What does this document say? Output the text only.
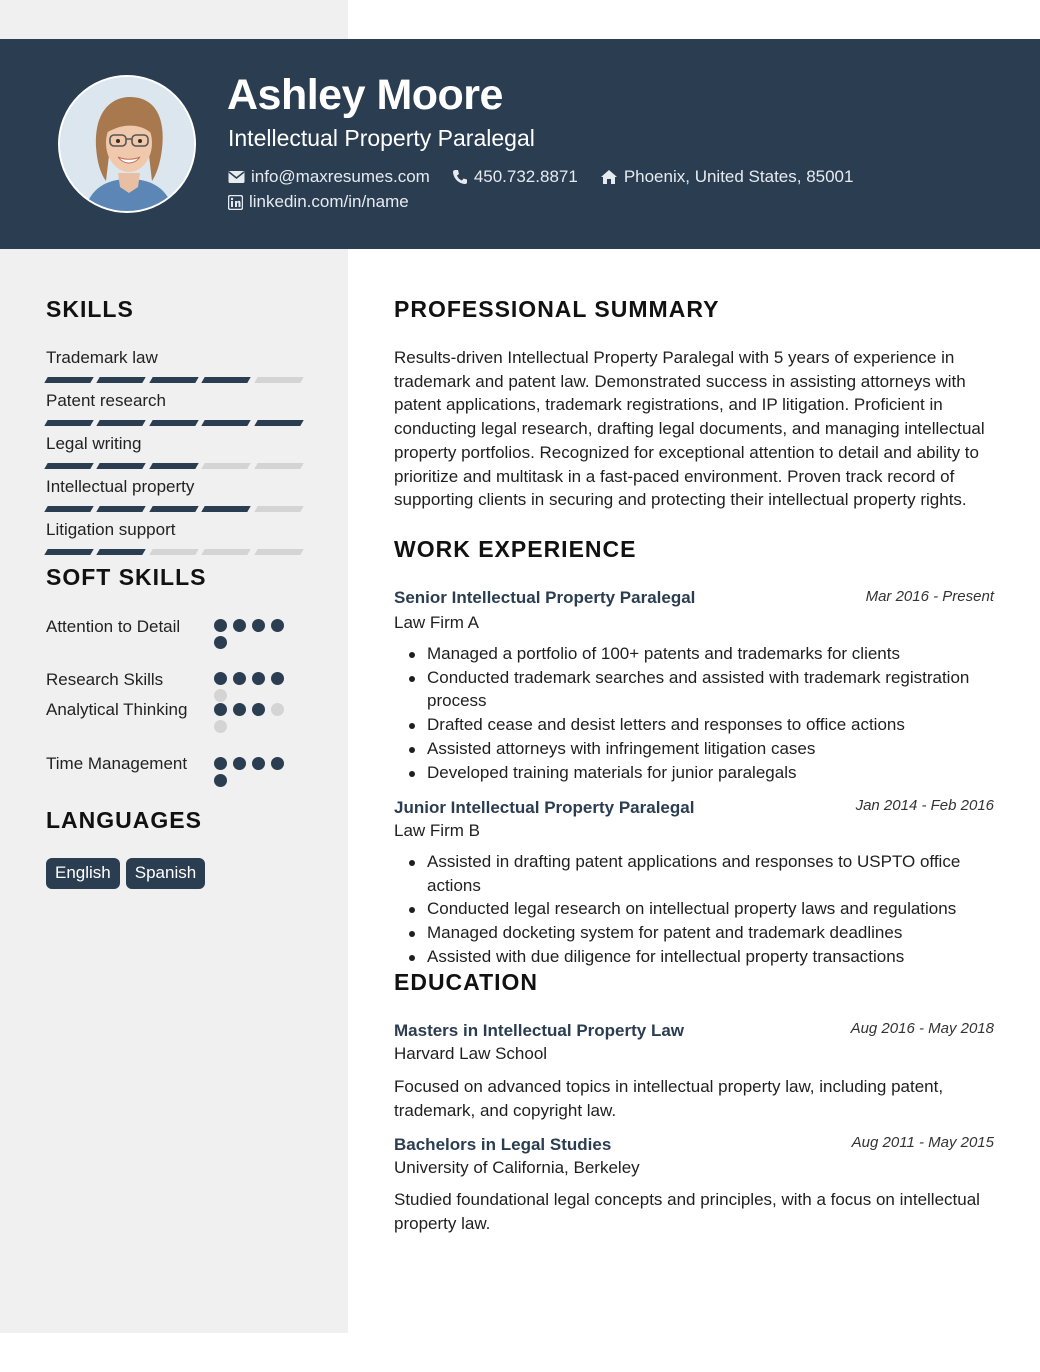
Ashley Moore
Intellectual Property Paralegal
info@maxresumes.com	450.732.8871	Phoenix, United States, 85001
linkedin.com/in/name
SKILLS
Trademark law
Patent research
Legal writing
Intellectual property
Litigation support
SOFT SKILLS
Attention to Detail
Research Skills
Analytical Thinking
Time Management
LANGUAGES
English	Spanish
PROFESSIONAL SUMMARY
Results-driven Intellectual Property Paralegal with 5 years of experience in trademark and patent law. Demonstrated success in assisting attorneys with patent applications, trademark registrations, and IP litigation. Proficient in conducting legal research, drafting legal documents, and managing intellectual property portfolios. Recognized for exceptional attention to detail and ability to prioritize and multitask in a fast-paced environment. Proven track record of supporting clients in securing and protecting their intellectual property rights.
WORK EXPERIENCE
Senior Intellectual Property Paralegal	Mar 2016 - Present
Law Firm A
Managed a portfolio of 100+ patents and trademarks for clients
Conducted trademark searches and assisted with trademark registration process
Drafted cease and desist letters and responses to office actions
Assisted attorneys with infringement litigation cases
Developed training materials for junior paralegals
Junior Intellectual Property Paralegal	Jan 2014 - Feb 2016
Law Firm B
Assisted in drafting patent applications and responses to USPTO office actions
Conducted legal research on intellectual property laws and regulations
Managed docketing system for patent and trademark deadlines
Assisted with due diligence for intellectual property transactions
EDUCATION
Masters in Intellectual Property Law	Aug 2016 - May 2018
Harvard Law School
Focused on advanced topics in intellectual property law, including patent, trademark, and copyright law.
Bachelors in Legal Studies	Aug 2011 - May 2015
University of California, Berkeley
Studied foundational legal concepts and principles, with a focus on intellectual property law.
